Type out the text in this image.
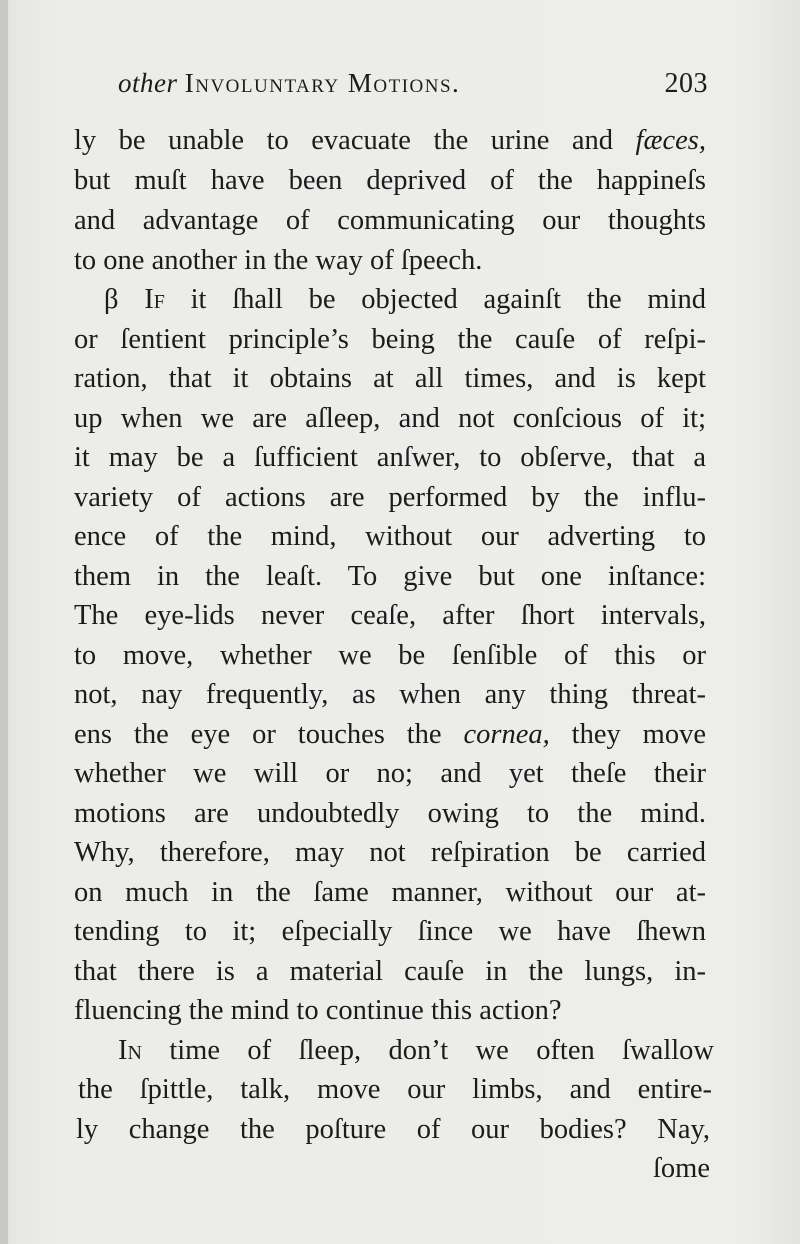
other Involuntary Motions.	203
ly be unable to evacuate the urine and fæces,
but muſt have been deprived of the happineſs
and advantage of communicating our thoughts
to one another in the way of ſpeech.
β If it ſhall be objected againſt the mind
or ſentient principle’s being the cauſe of reſpi-
ration, that it obtains at all times, and is kept
up when we are aſleep, and not conſcious of it;
it may be a ſufficient anſwer, to obſerve, that a
variety of actions are performed by the influ-
ence of the mind, without our adverting to
them in the leaſt. To give but one inſtance:
The eye-lids never ceaſe, after ſhort intervals,
to move, whether we be ſenſible of this or
not, nay frequently, as when any thing threat-
ens the eye or touches the cornea, they move
whether we will or no; and yet theſe their
motions are undoubtedly owing to the mind.
Why, therefore, may not reſpiration be carried
on much in the ſame manner, without our at-
tending to it; eſpecially ſince we have ſhewn
that there is a material cauſe in the lungs, in-
fluencing the mind to continue this action?
In time of ſleep, don’t we often ſwallow
the ſpittle, talk, move our limbs, and entire-
ly change the poſture of our bodies? Nay,
ſome
